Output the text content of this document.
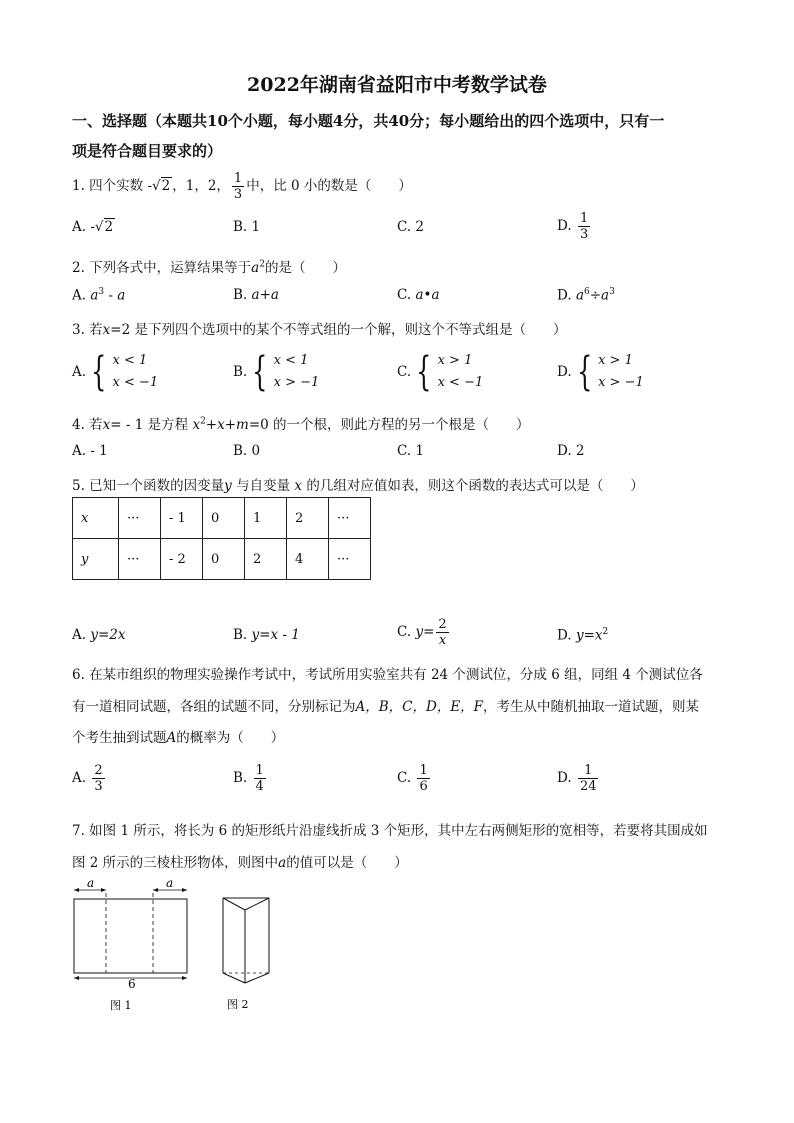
2022年湖南省益阳市中考数学试卷
一、选择题（本题共10个小题，每小题4分，共40分；每小题给出的四个选项中，只有一
项是符合题目要求的）
1. 四个实数 -√2 ，1，2， $\frac{1}{3}$ 中，比 0 小的数是（　　）
A. -√2	B. 1	C. 2	D. $\frac{1}{3}$
2. 下列各式中，运算结果等于$a^2$的是（　　）
A. $a^3$ - a	B. a+a	C. a•a	D. $a^6\div a^3$
3. 若x=2 是下列四个选项中的某个不等式组的一个解，则这个不等式组是（　　）
A. { x < 1
x < −1
B. { x < 1
x > −1
C. { x > 1
x < −1
D. { x > 1
x > −1
4. 若x= - 1 是方程 $x^2+x+m=0$ 的一个根，则此方程的另一个根是（　　）
A. - 1	B. 0	C. 1	D. 2
5. 已知一个函数的因变量y 与自变量 x 的几组对应值如表，则这个函数的表达式可以是（　　）
x	···	- 1	0	1	2	···
y	···	- 2	0	2	4	···
A. y=2x	B. y=x - 1	C. $y= \frac{2}{x}$	D. $y=x^2$
6. 在某市组织的物理实验操作考试中，考试所用实验室共有 24 个测试位，分成 6 组，同组 4 个测试位各
有一道相同试题，各组的试题不同，分别标记为A，B，C，D，E，F，考生从中随机抽取一道试题，则某
个考生抽到试题A的概率为（　　）
A. $\frac{2}{3}$	B. $\frac{1}{4}$	C. $\frac{1}{6}$	D. $\frac{1}{24}$
7. 如图 1 所示，将长为 6 的矩形纸片沿虚线折成 3 个矩形，其中左右两侧矩形的宽相等，若要将其围成如
图 2 所示的三棱柱形物体，则图中a的值可以是（　　）
a	a
6
图 1	图 2
